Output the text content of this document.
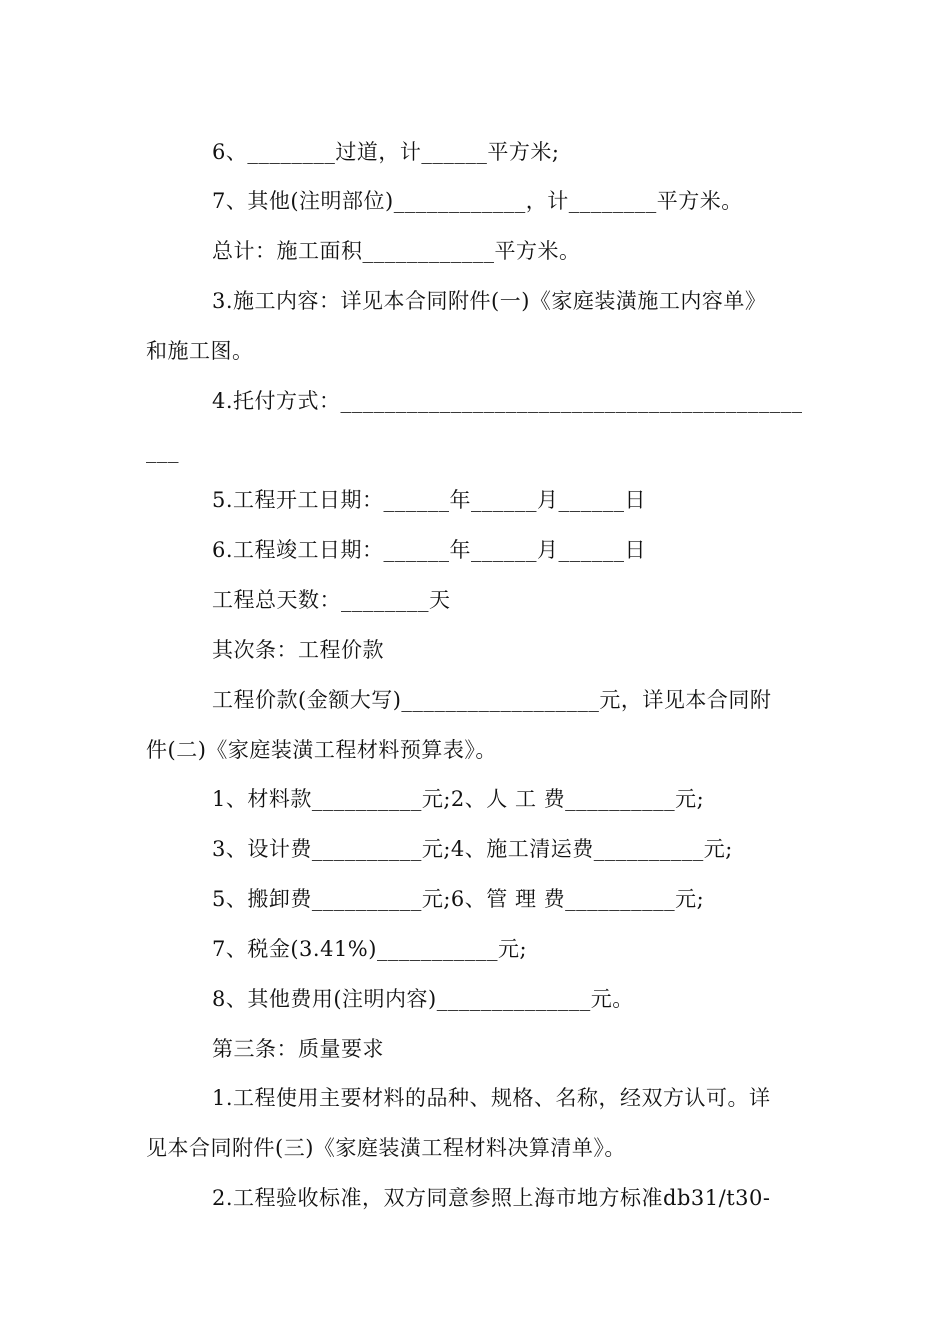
6、________过道，计______平方米;
7、其他(注明部位)____________，计________平方米。
总计：施工面积____________平方米。
3.施工内容：详见本合同附件(一)《家庭装潢施工内容单》
和施工图。
4.托付方式：__________________________________________
___
5.工程开工日期：______年______月______日
6.工程竣工日期：______年______月______日
工程总天数：________天
其次条：工程价款
工程价款(金额大写)__________________元，详见本合同附
件(二)《家庭装潢工程材料预算表》。
1、材料款__________元;2、人 工 费__________元;
3、设计费__________元;4、施工清运费__________元;
5、搬卸费__________元;6、管 理 费__________元;
7、税金(3.41%)___________元;
8、其他费用(注明内容)______________元。
第三条：质量要求
1.工程使用主要材料的品种、规格、名称，经双方认可。详
见本合同附件(三)《家庭装潢工程材料决算清单》。
2.工程验收标准，双方同意参照上海市地方标准db31/t30-
